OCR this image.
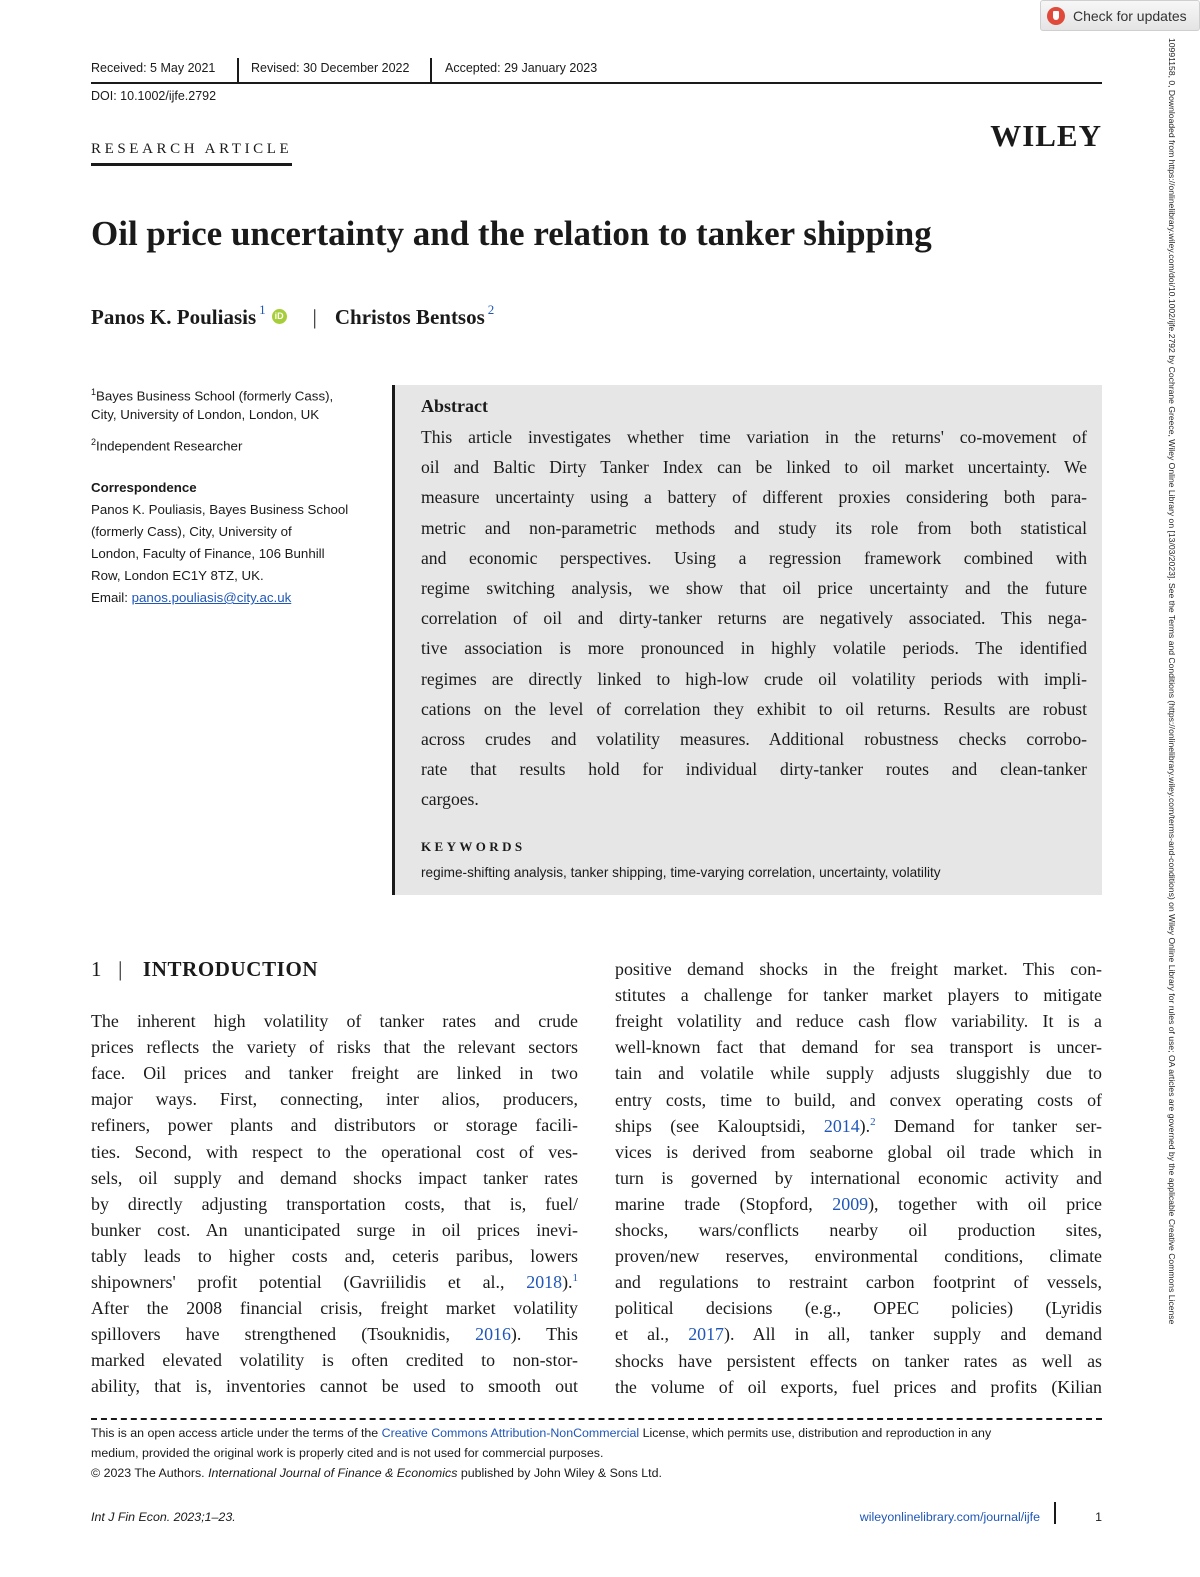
Check for updates
Received: 5 May 2021	Revised: 30 December 2022	Accepted: 29 January 2023
DOI: 10.1002/ijfe.2792
RESEARCH ARTICLE	WILEY
Oil price uncertainty and the relation to tanker shipping
Panos K. Pouliasis$^1$	iD | Christos Bentsos$^2$
$^1$Bayes Business School (formerly Cass),
City, University of London, London, UK
$^2$Independent Researcher
Correspondence
Panos K. Pouliasis, Bayes Business School
(formerly Cass), City, University of
London, Faculty of Finance, 106 Bunhill
Row, London EC1Y 8TZ, UK.
Email: panos.pouliasis@city.ac.uk
Abstract
This article investigates whether time variation in the returns' co-movement of
oil and Baltic Dirty Tanker Index can be linked to oil market uncertainty. We
measure uncertainty using a battery of different proxies considering both para-
metric and non-parametric methods and study its role from both statistical
and economic perspectives. Using a regression framework combined with
regime switching analysis, we show that oil price uncertainty and the future
correlation of oil and dirty-tanker returns are negatively associated. This nega-
tive association is more pronounced in highly volatile periods. The identified
regimes are directly linked to high-low crude oil volatility periods with impli-
cations on the level of correlation they exhibit to oil returns. Results are robust
across crudes and volatility measures. Additional robustness checks corrobo-
rate that results hold for individual dirty-tanker routes and clean-tanker
cargoes.
KEYWORDS
regime-shifting analysis, tanker shipping, time-varying correlation, uncertainty, volatility
1 | INTRODUCTION
The inherent high volatility of tanker rates and crude
prices reflects the variety of risks that the relevant sectors
face. Oil prices and tanker freight are linked in two
major ways. First, connecting, inter alios, producers,
refiners, power plants and distributors or storage facili-
ties. Second, with respect to the operational cost of ves-
sels, oil supply and demand shocks impact tanker rates
by directly adjusting transportation costs, that is, fuel/
bunker cost. An unanticipated surge in oil prices inevi-
tably leads to higher costs and, ceteris paribus, lowers
shipowners' profit potential (Gavriilidis et al., 2018).$^1$
After the 2008 financial crisis, freight market volatility
spillovers have strengthened (Tsouknidis, 2016). This
marked elevated volatility is often credited to non-stor-
ability, that is, inventories cannot be used to smooth out
positive demand shocks in the freight market. This con-
stitutes a challenge for tanker market players to mitigate
freight volatility and reduce cash flow variability. It is a
well-known fact that demand for sea transport is uncer-
tain and volatile while supply adjusts sluggishly due to
entry costs, time to build, and convex operating costs of
ships (see Kalouptsidi, 2014).$^2$ Demand for tanker ser-
vices is derived from seaborne global oil trade which in
turn is governed by international economic activity and
marine trade (Stopford, 2009), together with oil price
shocks, wars/conflicts nearby oil production sites,
proven/new reserves, environmental conditions, climate
and regulations to restraint carbon footprint of vessels,
political decisions (e.g., OPEC policies) (Lyridis
et al., 2017). All in all, tanker supply and demand
shocks have persistent effects on tanker rates as well as
the volume of oil exports, fuel prices and profits (Kilian
This is an open access article under the terms of the Creative Commons Attribution-NonCommercial License, which permits use, distribution and reproduction in any
medium, provided the original work is properly cited and is not used for commercial purposes.
© 2023 The Authors. International Journal of Finance & Economics published by John Wiley & Sons Ltd.
Int J Fin Econ. 2023;1–23.	wileyonlinelibrary.com/journal/ijfe	1
10991158, 0, Downloaded from https://onlinelibrary.wiley.com/doi/10.1002/ijfe.2792 by Cochrane Greece, Wiley Online Library on [13/03/2023]. See the Terms and Conditions (https://onlinelibrary.wiley.com/terms-and-conditions) on Wiley Online Library for rules of use; OA articles are governed by the applicable Creative Commons License
